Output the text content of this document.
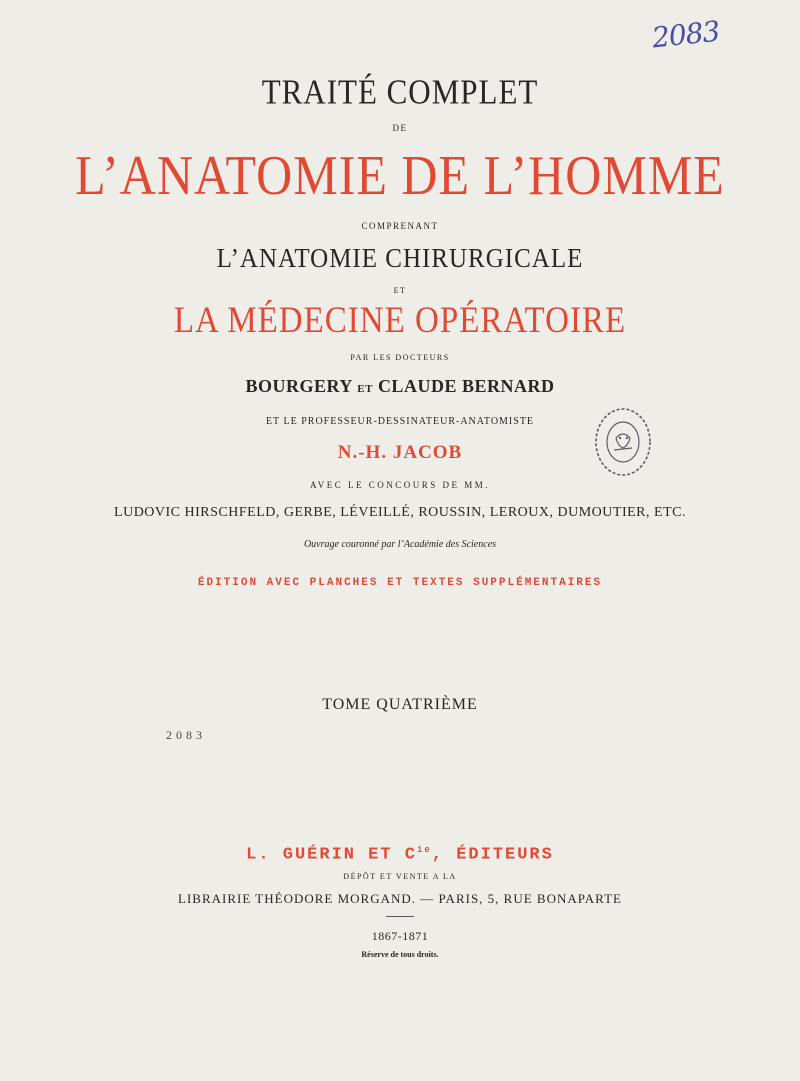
2083
TRAITÉ COMPLET
DE
L’ANATOMIE DE L’HOMME
COMPRENANT
L’ANATOMIE CHIRURGICALE
ET
LA MÉDECINE OPÉRATOIRE
PAR LES DOCTEURS
BOURGERY ET CLAUDE BERNARD
ET LE PROFESSEUR-DESSINATEUR-ANATOMISTE
N.-H. JACOB
AVEC LE CONCOURS DE MM.
LUDOVIC HIRSCHFELD, GERBE, LÉVEILLÉ, ROUSSIN, LEROUX, DUMOUTIER, ETC.
Ouvrage couronné par l’Académie des Sciences
ÉDITION AVEC PLANCHES ET TEXTES SUPPLÉMENTAIRES
TOME QUATRIÈME
2083
L. GUÉRIN ET $C^{ie}$, ÉDITEURS
DÉPÔT ET VENTE A LA
LIBRAIRIE THÉODORE MORGAND. — PARIS, 5, RUE BONAPARTE
1867-1871
Réserve de tous droits.
